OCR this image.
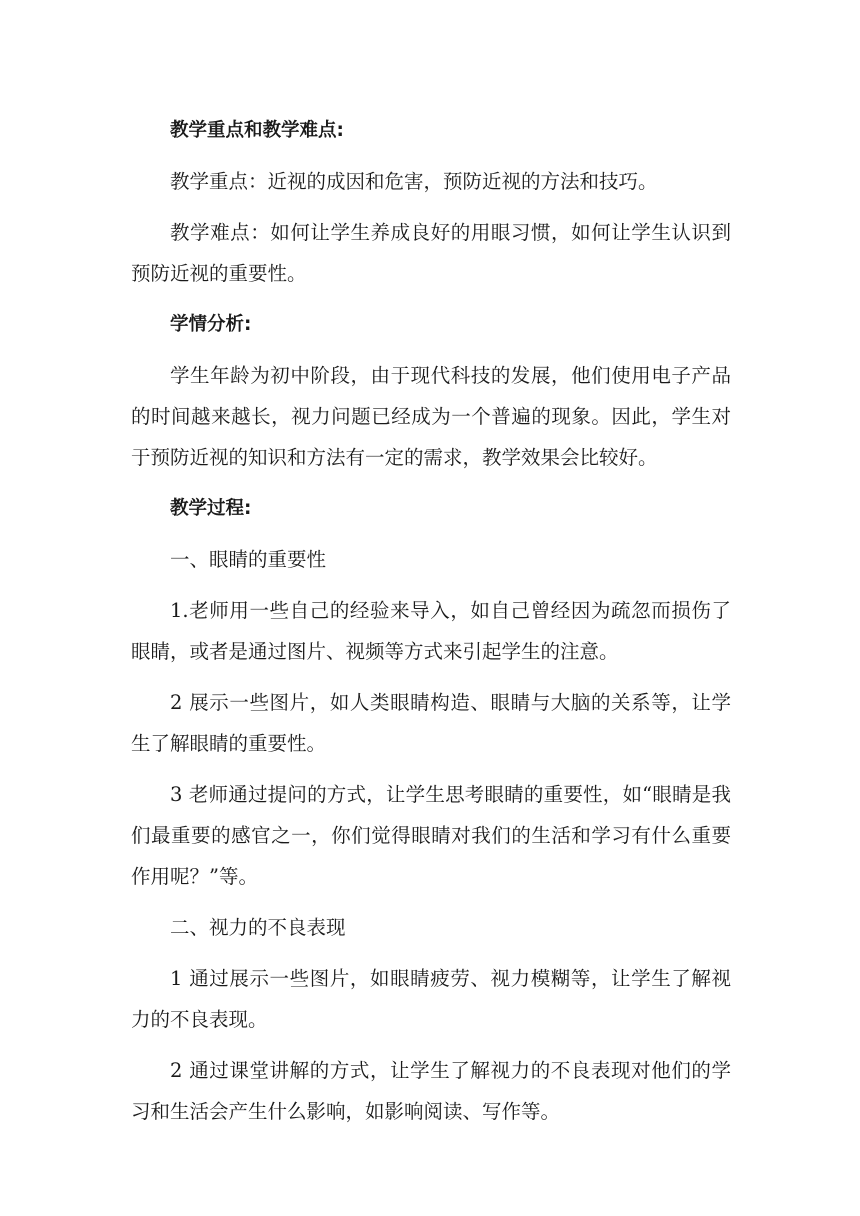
教学重点和教学难点:

教学重点：近视的成因和危害，预防近视的方法和技巧。

教学难点：如何让学生养成良好的用眼习惯，如何让学生认识到预防近视的重要性。

学情分析:

学生年龄为初中阶段，由于现代科技的发展，他们使用电子产品的时间越来越长，视力问题已经成为一个普遍的现象。因此，学生对于预防近视的知识和方法有一定的需求，教学效果会比较好。

教学过程:

一、眼睛的重要性

1.老师用一些自己的经验来导入，如自己曾经因为疏忽而损伤了眼睛，或者是通过图片、视频等方式来引起学生的注意。

2 展示一些图片，如人类眼睛构造、眼睛与大脑的关系等，让学生了解眼睛的重要性。

3 老师通过提问的方式，让学生思考眼睛的重要性，如“眼睛是我们最重要的感官之一，你们觉得眼睛对我们的生活和学习有什么重要作用呢？”等。

二、视力的不良表现

1 通过展示一些图片，如眼睛疲劳、视力模糊等，让学生了解视力的不良表现。

2 通过课堂讲解的方式，让学生了解视力的不良表现对他们的学习和生活会产生什么影响，如影响阅读、写作等。
